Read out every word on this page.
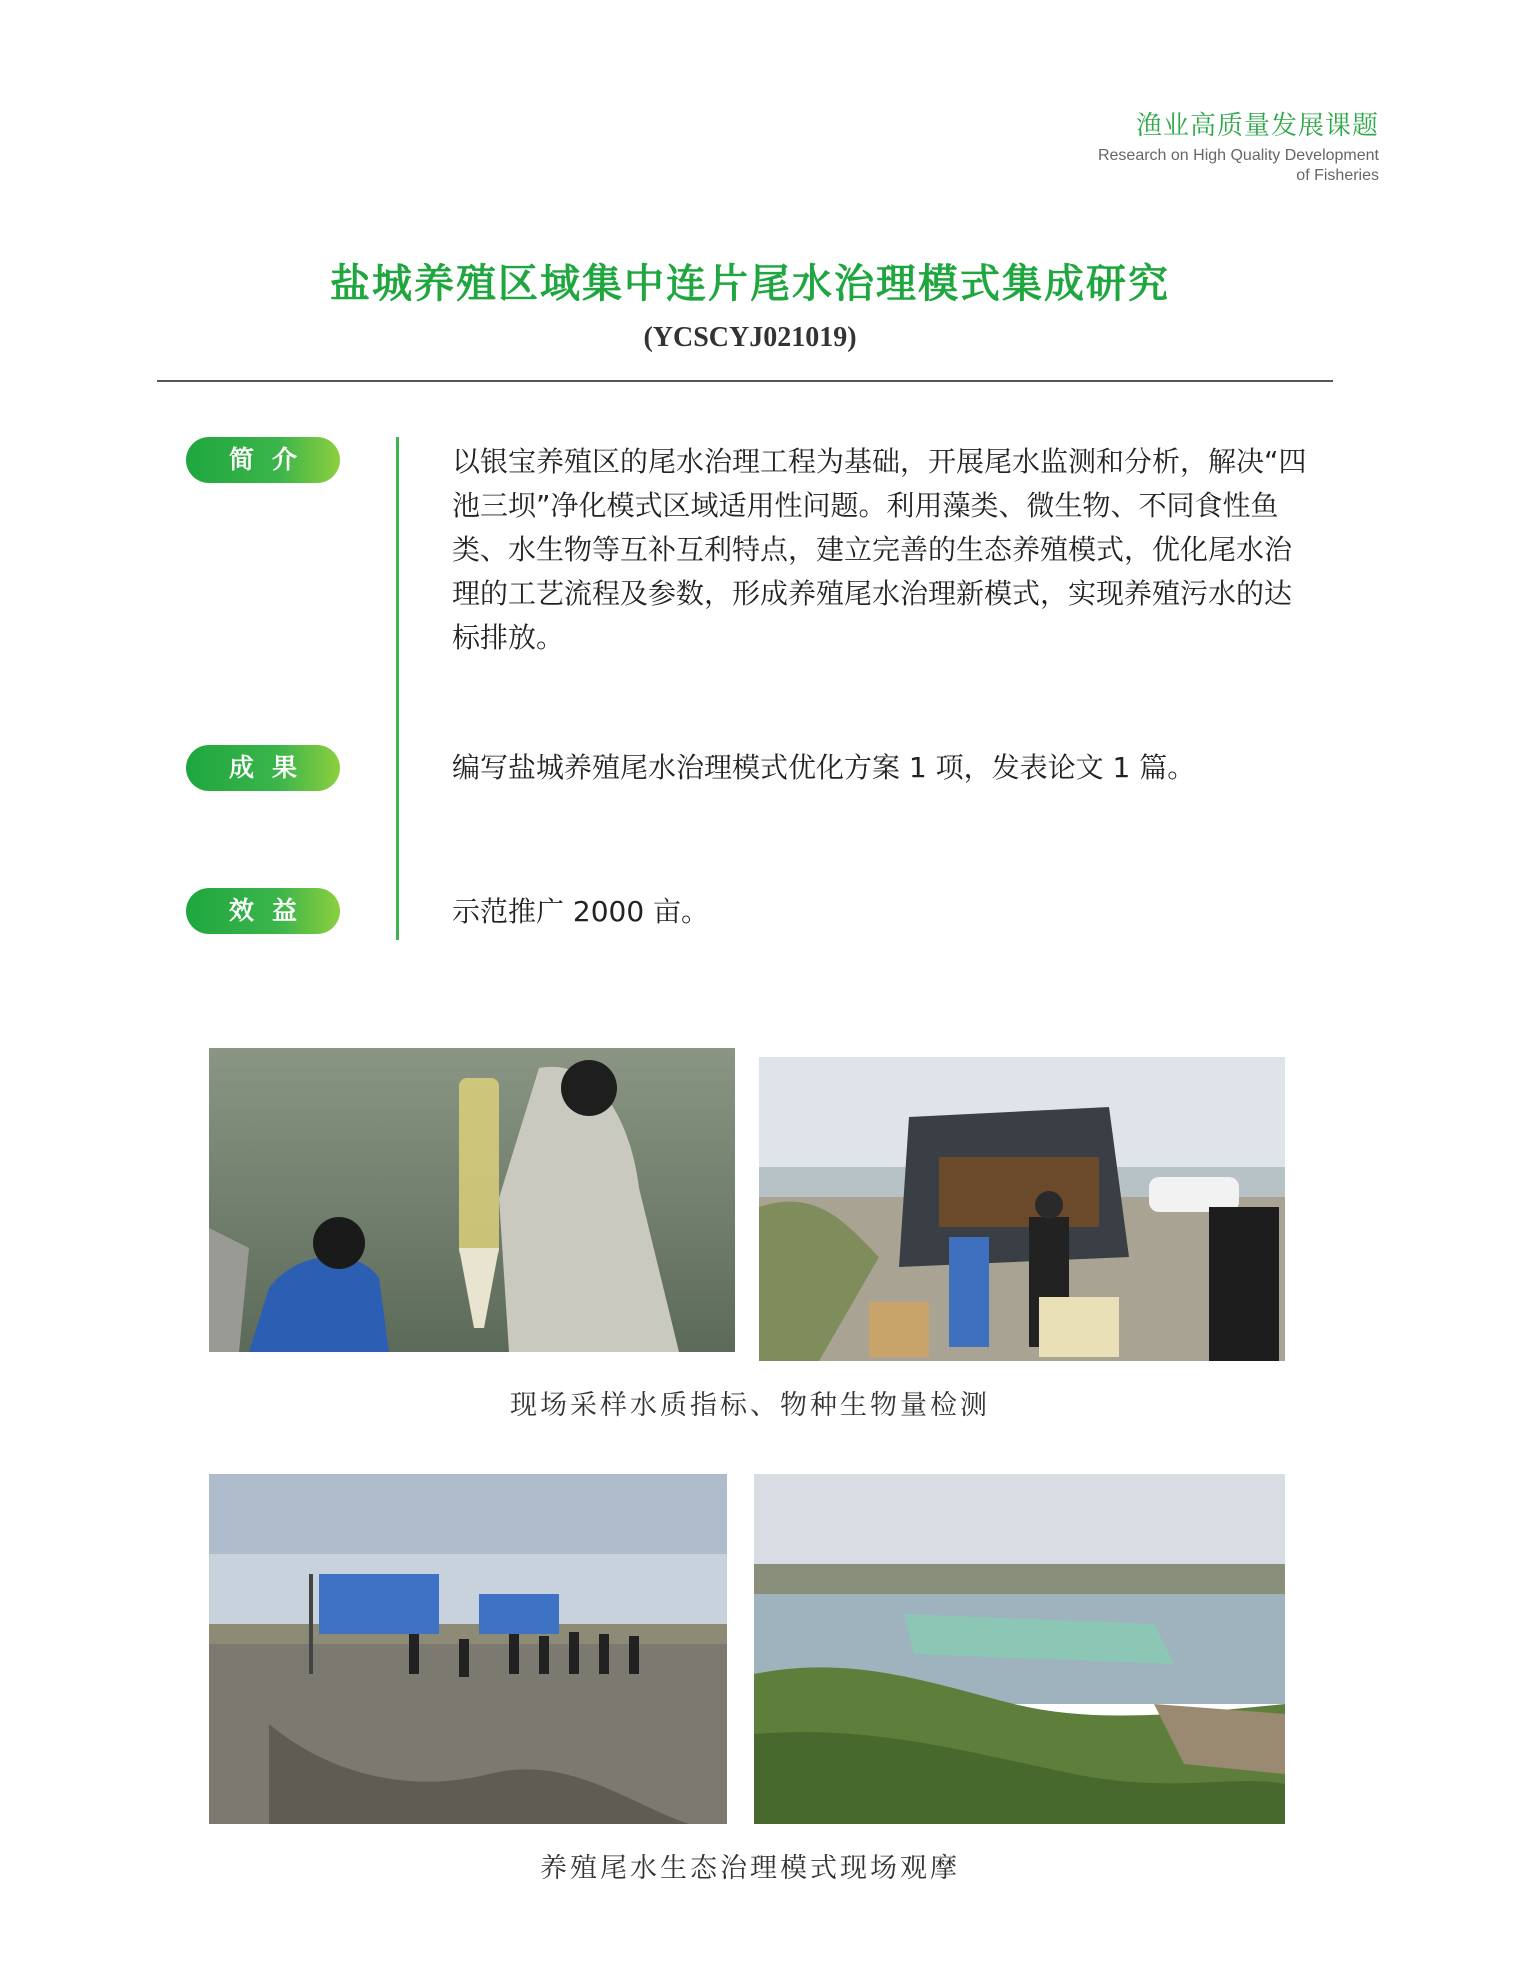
渔业高质量发展课题
Research on High Quality Development
of Fisheries
盐城养殖区域集中连片尾水治理模式集成研究
(YCSCYJ021019)
简介	以银宝养殖区的尾水治理工程为基础，开展尾水监测和分析，解决“四池三坝”净化模式区域适用性问题。利用藻类、微生物、不同食性鱼类、水生物等互补互利特点，建立完善的生态养殖模式，优化尾水治理的工艺流程及参数，形成养殖尾水治理新模式，实现养殖污水的达标排放。
成果	编写盐城养殖尾水治理模式优化方案 1 项，发表论文 1 篇。
效益	示范推广 2000 亩。
现场采样水质指标、物种生物量检测
养殖尾水生态治理模式现场观摩
